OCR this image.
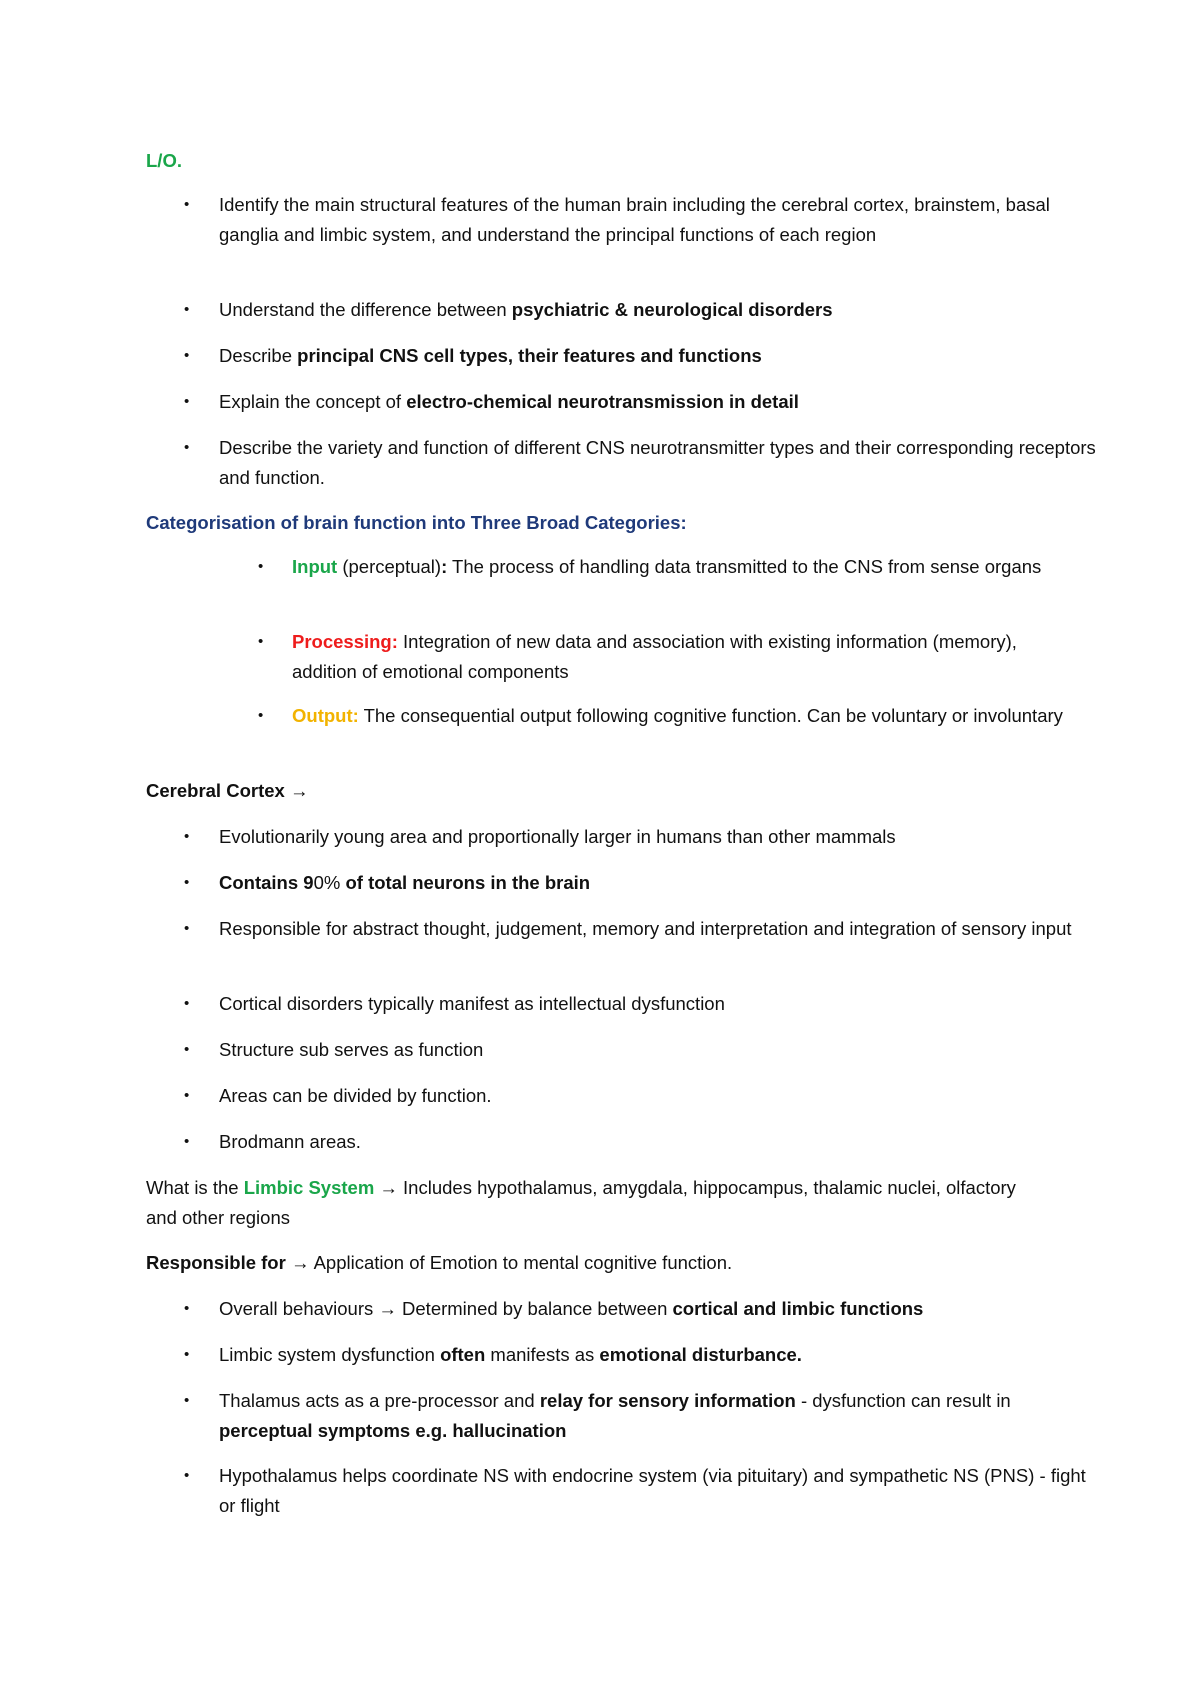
L/O.
• Identify the main structural features of the human brain including the cerebral cortex, brainstem, basal ganglia and limbic system, and understand the principal functions of each region
• Understand the difference between psychiatric & neurological disorders
• Describe principal CNS cell types, their features and functions
• Explain the concept of electro-chemical neurotransmission in detail
• Describe the variety and function of different CNS neurotransmitter types and their corresponding receptors and function.
Categorisation of brain function into Three Broad Categories:
• Input (perceptual): The process of handling data transmitted to the CNS from sense organs
• Processing: Integration of new data and association with existing information (memory), addition of emotional components
• Output: The consequential output following cognitive function. Can be voluntary or involuntary
Cerebral Cortex →
• Evolutionarily young area and proportionally larger in humans than other mammals
• Contains 90% of total neurons in the brain
• Responsible for abstract thought, judgement, memory and interpretation and integration of sensory input
• Cortical disorders typically manifest as intellectual dysfunction
• Structure sub serves as function
• Areas can be divided by function.
• Brodmann areas.
What is the Limbic System → Includes hypothalamus, amygdala, hippocampus, thalamic nuclei, olfactory and other regions
Responsible for → Application of Emotion to mental cognitive function.
• Overall behaviours → Determined by balance between cortical and limbic functions
• Limbic system dysfunction often manifests as emotional disturbance.
• Thalamus acts as a pre-processor and relay for sensory information - dysfunction can result in perceptual symptoms e.g. hallucination
• Hypothalamus helps coordinate NS with endocrine system (via pituitary) and sympathetic NS (PNS) - fight or flight
